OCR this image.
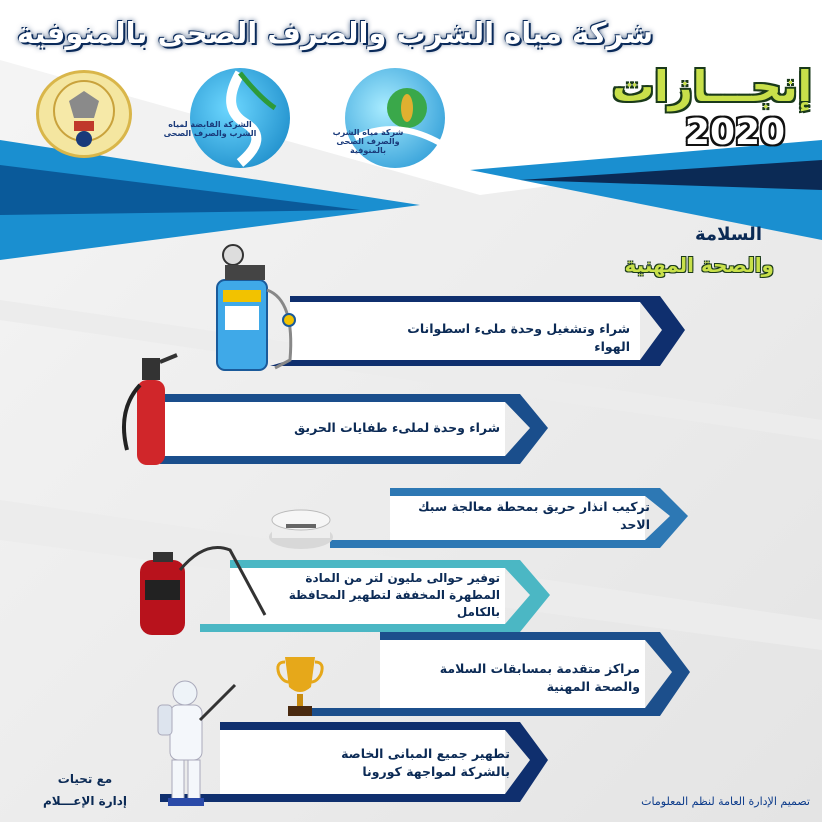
شركة مياه الشرب والصرف الصحى بالمنوفية
إنجـــازات
2020
الشركة القابضة لمياه الشرب والصرف الصحى	شركة مياه الشرب والصرف الصحى بالمنوفية
السلامة
والصحة المهنية
شراء وتشغيل وحدة ملىء اسطوانات الهواء
شراء وحدة لملىء طفايات الحريق
تركيب انذار حريق بمحطة معالجة سبك الاحد
توفير حوالى مليون لتر من المادة المطهرة المخففة لتطهير المحافظة بالكامل
مراكز متقدمة بمسابقات السلامة والصحة المهنية
تطهير جميع المبانى الخاصة بالشركة لمواجهة كورونا
مع تحيات
إدارة الإعـــلام	تصميم الإدارة العامة لنظم المعلومات
